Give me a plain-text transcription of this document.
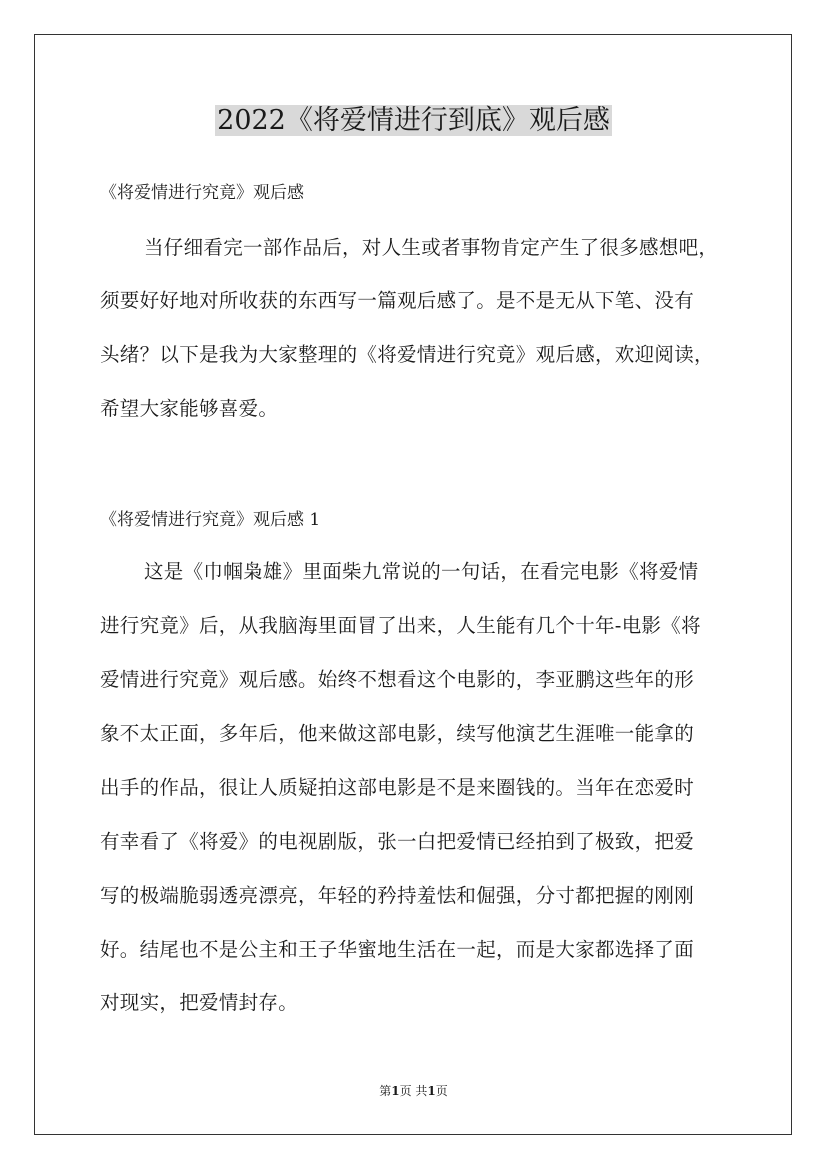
2022《将爱情进行到底》观后感
《将爱情进行究竟》观后感
当仔细看完一部作品后，对人生或者事物肯定产生了很多感想吧，
须要好好地对所收获的东西写一篇观后感了。是不是无从下笔、没有
头绪？以下是我为大家整理的《将爱情进行究竟》观后感，欢迎阅读，
希望大家能够喜爱。
《将爱情进行究竟》观后感 1
这是《巾帼枭雄》里面柴九常说的一句话，在看完电影《将爱情
进行究竟》后，从我脑海里面冒了出来，人生能有几个十年-电影《将
爱情进行究竟》观后感。始终不想看这个电影的，李亚鹏这些年的形
象不太正面，多年后，他来做这部电影，续写他演艺生涯唯一能拿的
出手的作品，很让人质疑拍这部电影是不是来圈钱的。当年在恋爱时
有幸看了《将爱》的电视剧版，张一白把爱情已经拍到了极致，把爱
写的极端脆弱透亮漂亮，年轻的矜持羞怯和倔强，分寸都把握的刚刚
好。结尾也不是公主和王子华蜜地生活在一起，而是大家都选择了面
对现实，把爱情封存。
第1页 共1页
